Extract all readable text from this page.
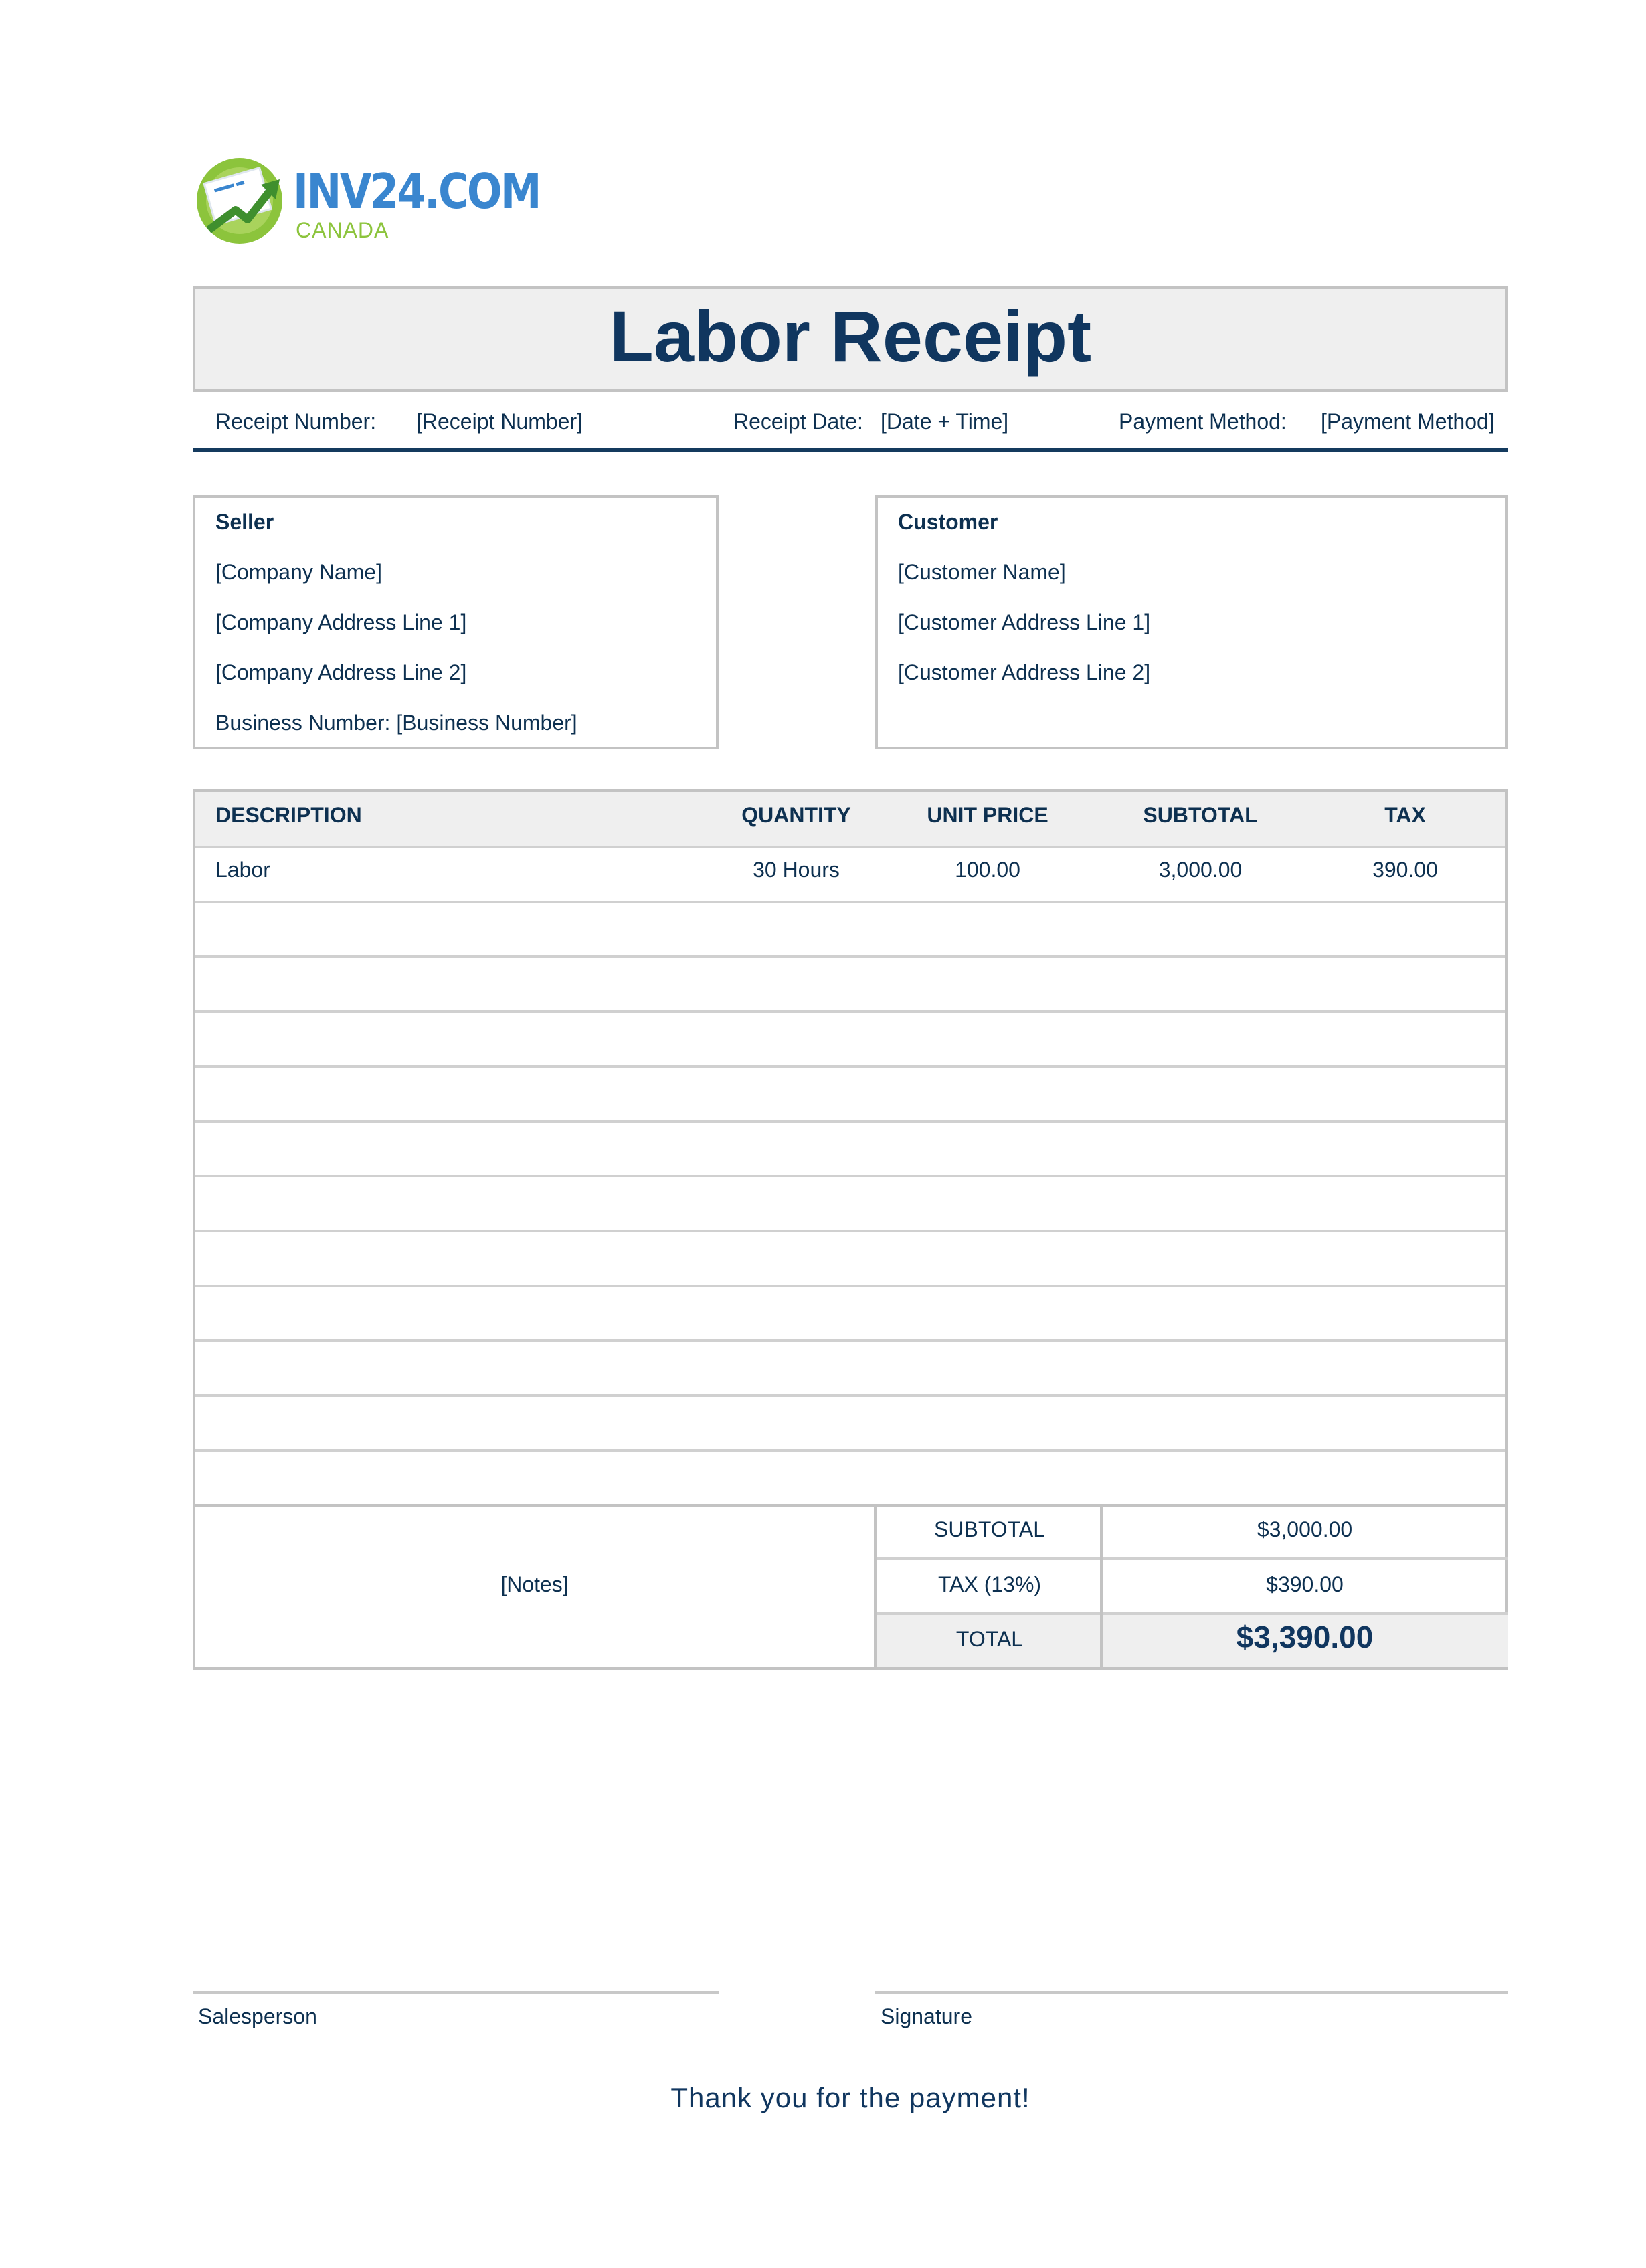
INV24.COM
CANADA
Labor Receipt
Receipt Number: [Receipt Number]	Receipt Date: [Date + Time]	Payment Method: [Payment Method]
Seller
[Company Name]
[Company Address Line 1]
[Company Address Line 2]
Business Number: [Business Number]
Customer
[Customer Name]
[Customer Address Line 1]
[Customer Address Line 2]
DESCRIPTION	QUANTITY	UNIT PRICE	SUBTOTAL	TAX
Labor	30 Hours	100.00	3,000.00	390.00
[Notes]
SUBTOTAL	$3,000.00
TAX (13%)	$390.00
TOTAL	$3,390.00
Salesperson	Signature
Thank you for the payment!
